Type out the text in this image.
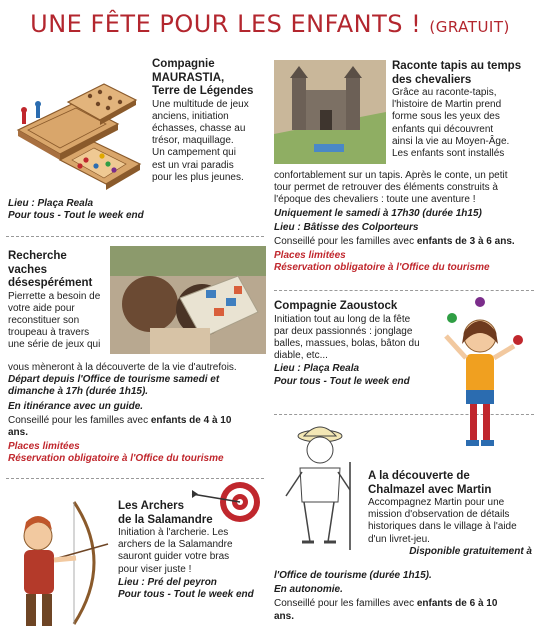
UNE FÊTE POUR LES ENFANTS ! (GRATUIT)
Compagnie MAURASTIA,
Terre de Légendes
Une multitude de jeux
anciens, initiation
échasses, chasse au
trésor, maquillage.
Un campement qui
est un vrai paradis
pour les plus jeunes.
Lieu : Plaça Reala
Pour tous - Tout le week end
Recherche
vaches
désespérément
Pierrette a besoin de
votre aide pour
reconstituer son
troupeau à travers
une série de jeux qui
vous mèneront à la découverte de la vie d'autrefois.
Départ depuis l'Office de tourisme samedi et
dimanche à 17h (durée 1h15).
En itinérance avec un guide.
Conseillé pour les familles avec enfants de 4 à 10
ans.
Places limitées
Réservation obligatoire à l'Office du tourisme
Les Archers
de la Salamandre
Initiation à l'archerie. Les
archers de la Salamandre
sauront guider votre bras
pour viser juste !
Lieu : Pré del peyron
Pour tous - Tout le week end
Raconte tapis au temps
des chevaliers
Grâce au raconte-tapis,
l'histoire de Martin prend
forme sous les yeux des
enfants qui découvrent
ainsi la vie au Moyen-Âge.
Les enfants sont installés
confortablement sur un tapis. Après le conte, un petit
tour permet de retrouver des éléments construits à
l'époque des chevaliers : toute une aventure !
Uniquement le samedi à 17h30 (durée 1h15)
Lieu : Bâtisse des Colporteurs
Conseillé pour les familles avec enfants de 3 à 6 ans.
Places limitées
Réservation obligatoire à l'Office du tourisme
Compagnie Zaoustock
Initiation tout au long de la fête
par deux passionnés : jonglage
balles, massues, bolas, bâton du
diable, etc...
Lieu : Plaça Reala
Pour tous - Tout le week end
A la découverte de
Chalmazel avec Martin
Accompagnez Martin pour une
mission d'observation de détails
historiques dans le village à l'aide
d'un livret-jeu.
Disponible gratuitement à
l'Office de tourisme (durée 1h15).
En autonomie.
Conseillé pour les familles avec enfants de 6 à 10
ans.
